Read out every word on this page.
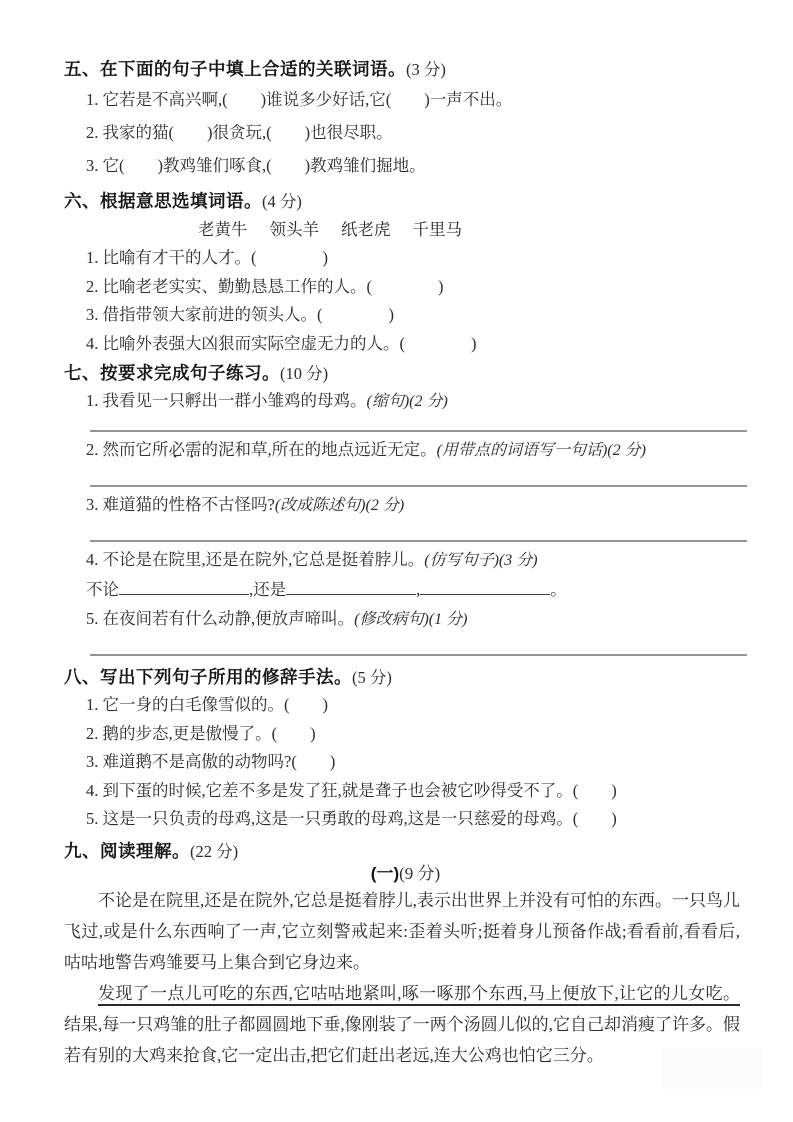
五、在下面的句子中填上合适的关联词语。(3 分)
1. 它若是不高兴啊,(　　)谁说多少好话,它(　　)一声不出。
2. 我家的猫(　　)很贪玩,(　　)也很尽职。
3. 它(　　)教鸡雏们啄食,(　　)教鸡雏们掘地。
六、根据意思选填词语。(4 分)
老黄牛 领头羊 纸老虎 千里马
1. 比喻有才干的人才。(　　　　)
2. 比喻老老实实、勤勤恳恳工作的人。(　　　　)
3. 借指带领大家前进的领头人。(　　　　)
4. 比喻外表强大凶狠而实际空虚无力的人。(　　　　)
七、按要求完成句子练习。(10 分)
1. 我看见一只孵出一群小雏鸡的母鸡。(缩句)(2 分)
2. 然而它所必需 • •的泥和草,所在的地点远近无定。(用带点的词语写一句话)(2 分)
3. 难道猫的性格不古怪吗?(改成陈述句)(2 分)
4. 不论是在院里,还是在院外,它总是挺着脖儿。(仿写句子)(3 分)
不论	,还是	,	。
5. 在夜间若有什么动静,便放声啼叫。(修改病句)(1 分)
八、写出下列句子所用的修辞手法。(5 分)
1. 它一身的白毛像雪似的。(　　)
2. 鹅的步态,更是傲慢了。(　　)
3. 难道鹅不是高傲的动物吗?(　　)
4. 到下蛋的时候,它差不多是发了狂,就是聋子也会被它吵得受不了。(　　)
5. 这是一只负责的母鸡,这是一只勇敢的母鸡,这是一只慈爱的母鸡。(　　)
九、阅读理解。(22 分)
(一)(9 分)

不论是在院里,还是在院外,它总是挺着脖儿,表示出世界上并没有可怕的东西。一只鸟儿飞过,或是什么东西响了一声,它立刻警戒起来:歪着头听;挺着身儿预备作战;看看前,看看后,咕咕地警告鸡雏要马上集合到它身边来。

发现了一点儿可吃的东西,它咕咕地紧叫,啄一啄那个东西,马上便放下,让它的儿女吃。结果,每一只鸡雏的肚子都圆圆地下垂,像刚装了一两个汤圆儿似的,它自己却消瘦了许多。假若有别的大鸡来抢食,它一定出击,把它们赶出老远,连大公鸡也怕它三分。
